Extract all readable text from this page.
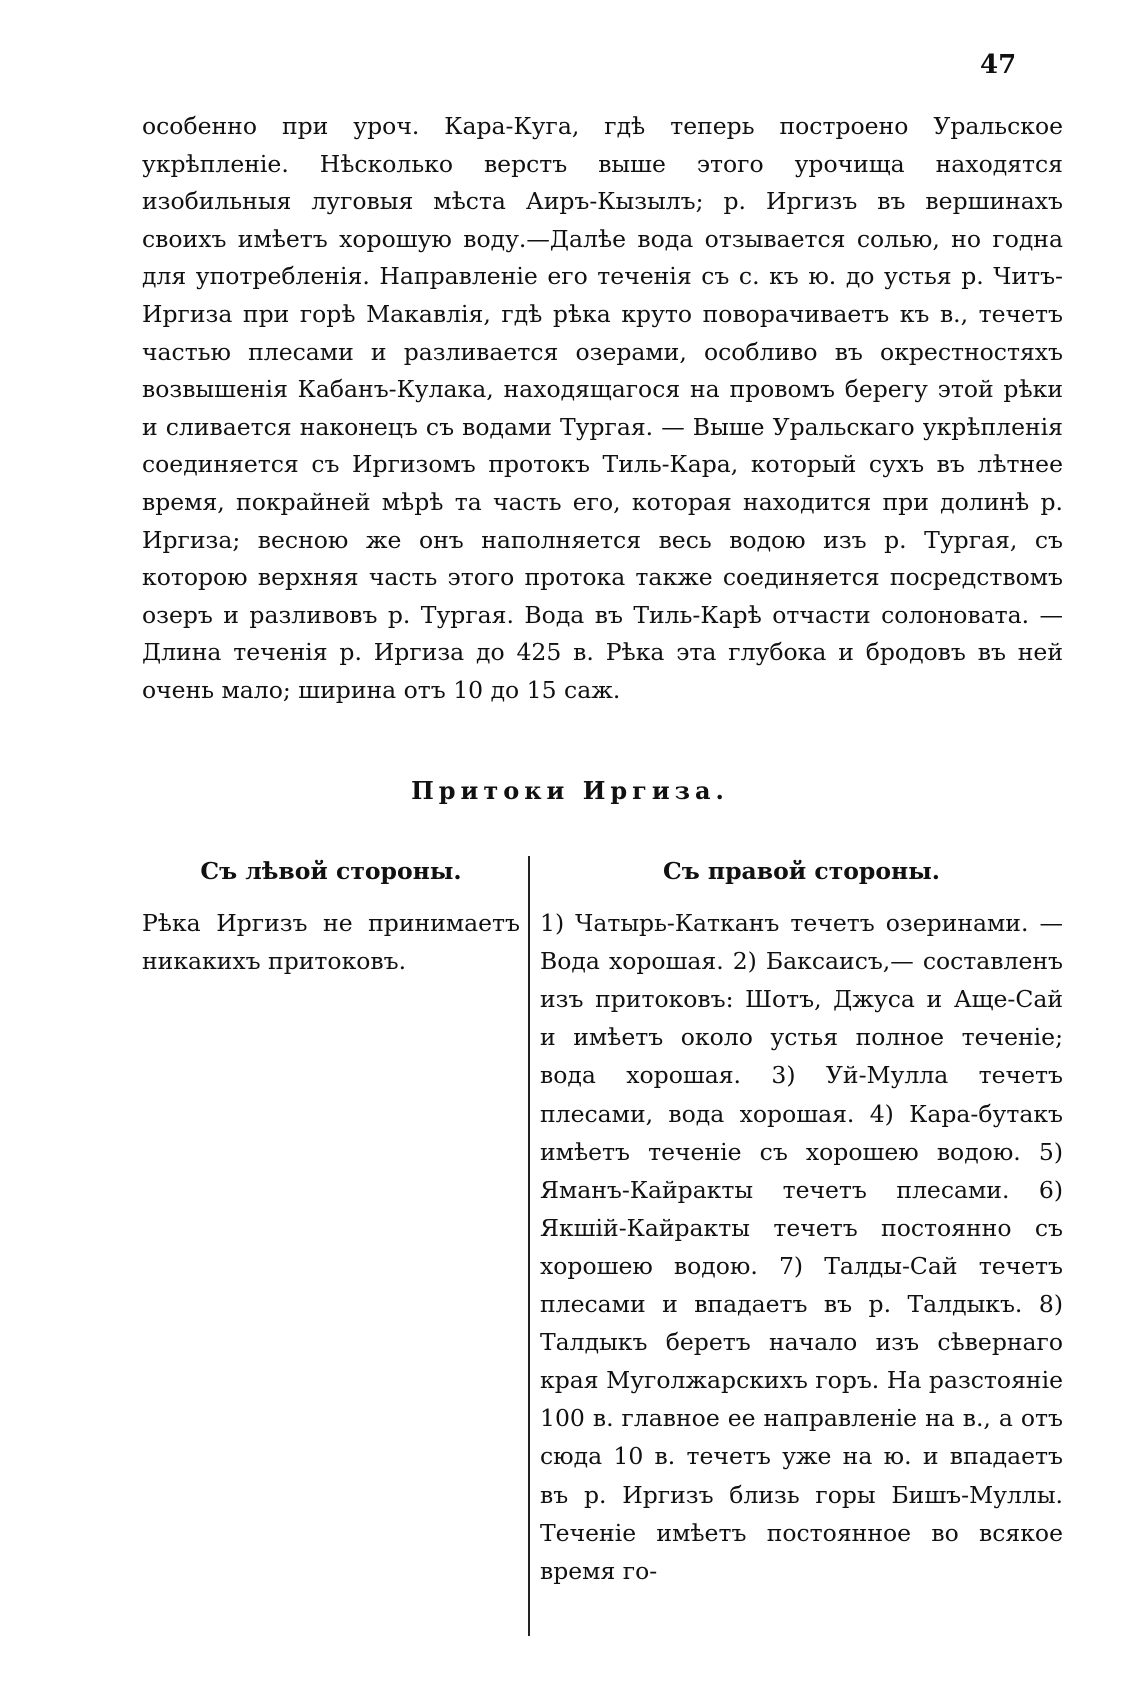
47

особенно при уроч. Кара-Куга, гдѣ теперь построено Уральское укрѣпленіе. Нѣсколько верстъ выше этого урочища находятся изобильныя луговыя мѣста Аиръ-Кызылъ; р. Иргизъ въ вершинахъ своихъ имѣетъ хорошую воду.—Далѣе вода отзывается солью, но годна для употребленія. Направленіе его теченія съ с. къ ю. до устья р. Читъ-Иргиза при горѣ Макавлія, гдѣ рѣка круто поворачиваетъ къ в., течетъ частью плесами и разливается озерами, особливо въ окрестностяхъ возвышенія Кабанъ-Кулака, находящагося на провомъ берегу этой рѣки и сливается наконецъ съ водами Тургая. — Выше Уральскаго укрѣпленія соединяется съ Иргизомъ протокъ Тиль-Кара, который сухъ въ лѣтнее время, покрайней мѣрѣ та часть его, которая находится при долинѣ р. Иргиза; весною же онъ наполняется весь водою изъ р. Тургая, съ которою верхняя часть этого протока также соединяется посредствомъ озеръ и разливовъ р. Тургая. Вода въ Тиль-Карѣ отчасти солоновата. — Длина теченія р. Иргиза до 425 в. Рѣка эта глубока и бродовъ въ ней очень мало; ширина отъ 10 до 15 саж.

Притоки Иргиза.
Съ лѣвой стороны.

Рѣка Иргизъ не принимаетъ никакихъ притоковъ.

Съ правой стороны.

1) Чатырь-Катканъ течетъ озеринами. — Вода хорошая. 2) Баксаисъ,— составленъ изъ притоковъ: Шотъ, Джуса и Аще-Сай и имѣетъ около устья полное теченіе; вода хорошая. 3) Уй-Мулла течетъ плесами, вода хорошая. 4) Кара-бутакъ имѣетъ теченіе съ хорошею водою. 5) Яманъ-Кайракты течетъ плесами. 6) Якшій-Кайракты течетъ постоянно съ хорошею водою. 7) Талды-Сай течетъ плесами и впадаетъ въ р. Талдыкъ. 8) Талдыкъ беретъ начало изъ сѣвернаго края Муголжарскихъ горъ. На разстояніе 100 в. главное ее направленіе на в., а отъ сюда 10 в. течетъ уже на ю. и впадаетъ въ р. Иргизъ близь горы Бишъ-Муллы. Теченіе имѣетъ постоянное во всякое время го-
